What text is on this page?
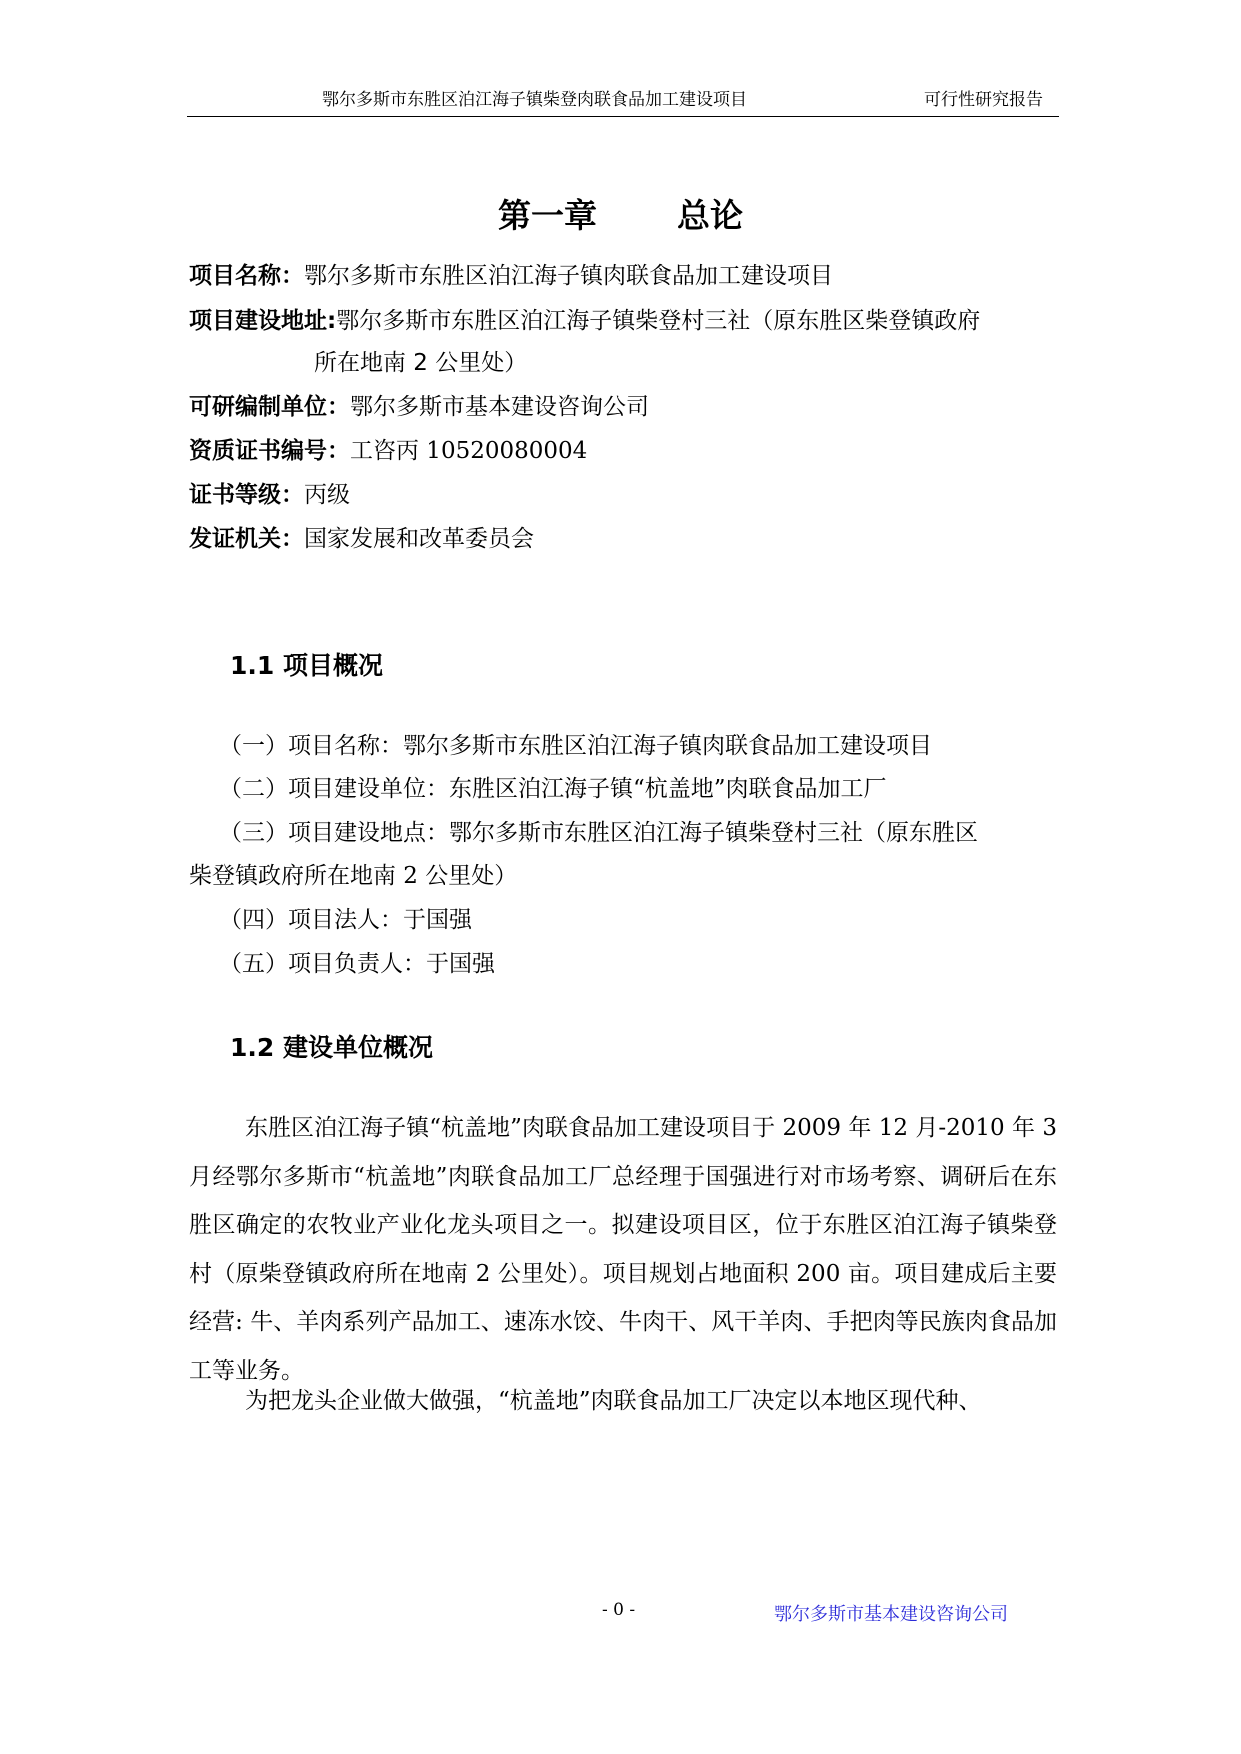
鄂尔多斯市东胜区泊江海子镇柴登肉联食品加工建设项目	可行性研究报告
第一章 总论
项目名称：鄂尔多斯市东胜区泊江海子镇肉联食品加工建设项目
项目建设地址:鄂尔多斯市东胜区泊江海子镇柴登村三社（原东胜区柴登镇政府
所在地南 2 公里处）
可研编制单位：鄂尔多斯市基本建设咨询公司
资质证书编号：工咨丙 10520080004
证书等级：丙级
发证机关：国家发展和改革委员会
1.1 项目概况
（一）项目名称：鄂尔多斯市东胜区泊江海子镇肉联食品加工建设项目
（二）项目建设单位：东胜区泊江海子镇“杭盖地”肉联食品加工厂
（三）项目建设地点：鄂尔多斯市东胜区泊江海子镇柴登村三社（原东胜区
柴登镇政府所在地南 2 公里处）
（四）项目法人：于国强
（五）项目负责人：于国强
1.2 建设单位概况
东胜区泊江海子镇“杭盖地”肉联食品加工建设项目于 2009 年 12 月-2010 年 3 月经鄂尔多斯市“杭盖地”肉联食品加工厂总经理于国强进行对市场考察、调研后在东胜区确定的农牧业产业化龙头项目之一。拟建设项目区，位于东胜区泊江海子镇柴登村（原柴登镇政府所在地南 2 公里处）。项目规划占地面积 200 亩。项目建成后主要经营: 牛、羊肉系列产品加工、速冻水饺、牛肉干、风干羊肉、手把肉等民族肉食品加工等业务。
为把龙头企业做大做强，“杭盖地”肉联食品加工厂决定以本地区现代种、
- 0 -	鄂尔多斯市基本建设咨询公司
